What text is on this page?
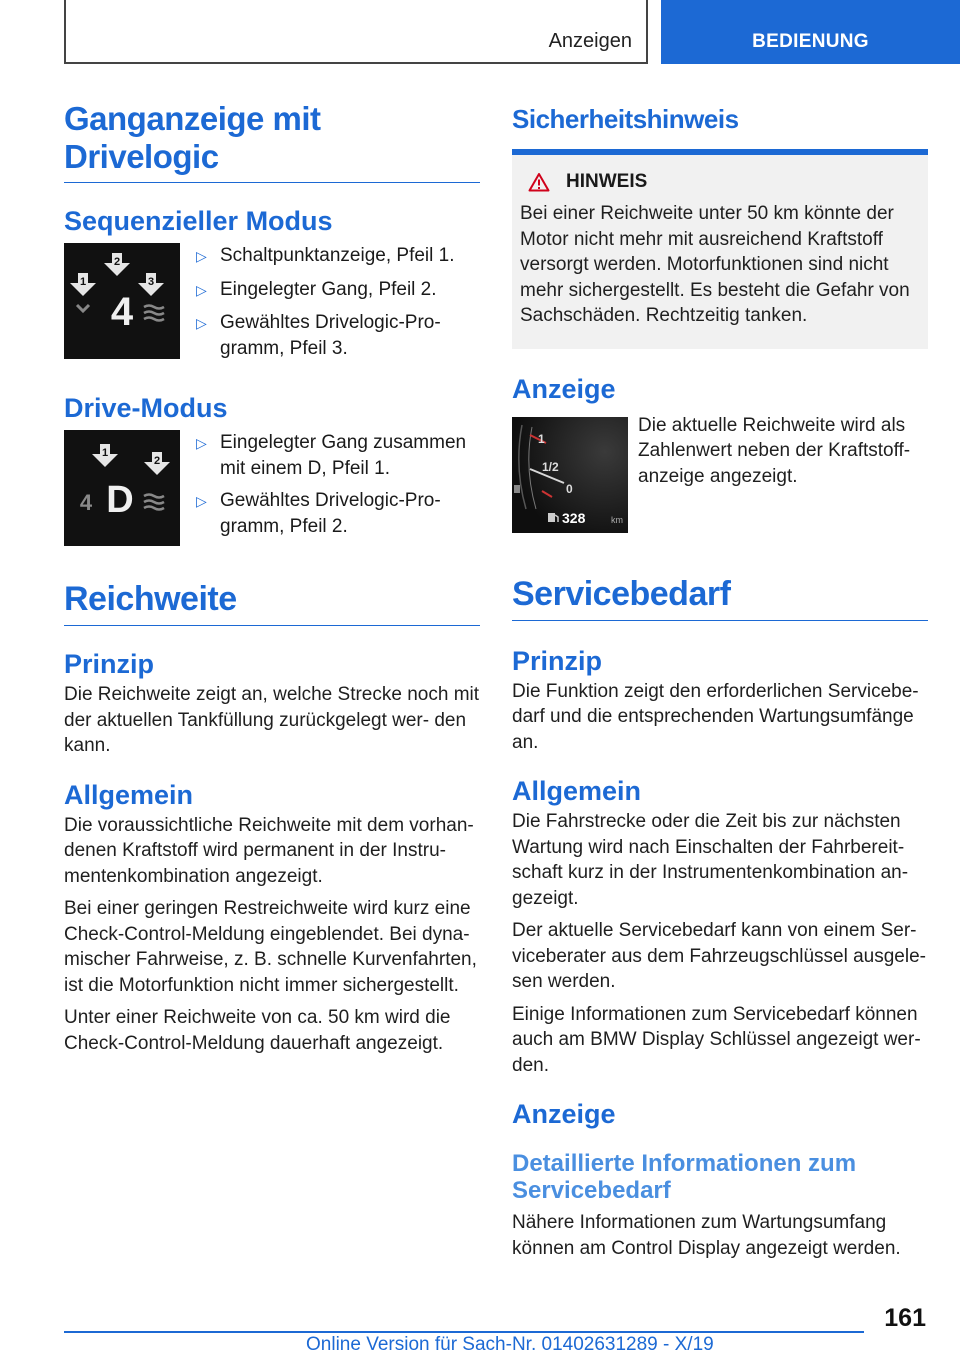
Anzeigen	BEDIENUNG
Ganganzeige mit Drivelogic
Sequenzieller Modus
1
2
3
4
▷ Schaltpunktanzeige, Pfeil 1.
▷ Eingelegter Gang, Pfeil 2.
▷ Gewähltes Drivelogic-Pro‐ gramm, Pfeil 3.
Drive-Modus
1
2
4 D
▷ Eingelegter Gang zusammen mit einem D, Pfeil 1.
▷ Gewähltes Drivelogic-Pro‐ gramm, Pfeil 2.
Reichweite
Prinzip
Die Reichweite zeigt an, welche Strecke noch mit der aktuellen Tankfüllung zurückgelegt wer‐ den kann.
Allgemein
Die voraussichtliche Reichweite mit dem vorhan‐ denen Kraftstoff wird permanent in der Instru‐ mentenkombination angezeigt.
Bei einer geringen Restreichweite wird kurz eine Check-Control-Meldung eingeblendet. Bei dyna‐ mischer Fahrweise, z. B. schnelle Kurvenfahrten, ist die Motorfunktion nicht immer sichergestellt.
Unter einer Reichweite von ca. 50 km wird die Check-Control-Meldung dauerhaft angezeigt.
Sicherheitshinweis
HINWEIS
Bei einer Reichweite unter 50 km könnte der Motor nicht mehr mit ausreichend Kraftstoff versorgt werden. Motorfunktionen sind nicht mehr sichergestellt. Es besteht die Gefahr von Sachschäden. Rechtzeitig tanken.
Anzeige
1
1/2
0
328	km
Die aktuelle Reichweite wird als Zahlenwert neben der Kraftstoff‐ anzeige angezeigt.
Servicebedarf
Prinzip
Die Funktion zeigt den erforderlichen Servicebe‐ darf und die entsprechenden Wartungsumfänge an.
Allgemein
Die Fahrstrecke oder die Zeit bis zur nächsten Wartung wird nach Einschalten der Fahrbereit‐ schaft kurz in der Instrumentenkombination an‐ gezeigt.
Der aktuelle Servicebedarf kann von einem Ser‐ viceberater aus dem Fahrzeugschlüssel ausgele‐ sen werden.
Einige Informationen zum Servicebedarf können auch am BMW Display Schlüssel angezeigt wer‐ den.
Anzeige
Detaillierte Informationen zum Servicebedarf
Nähere Informationen zum Wartungsumfang können am Control Display angezeigt werden.
161
Online Version für Sach-Nr. 01402631289 - X/19
